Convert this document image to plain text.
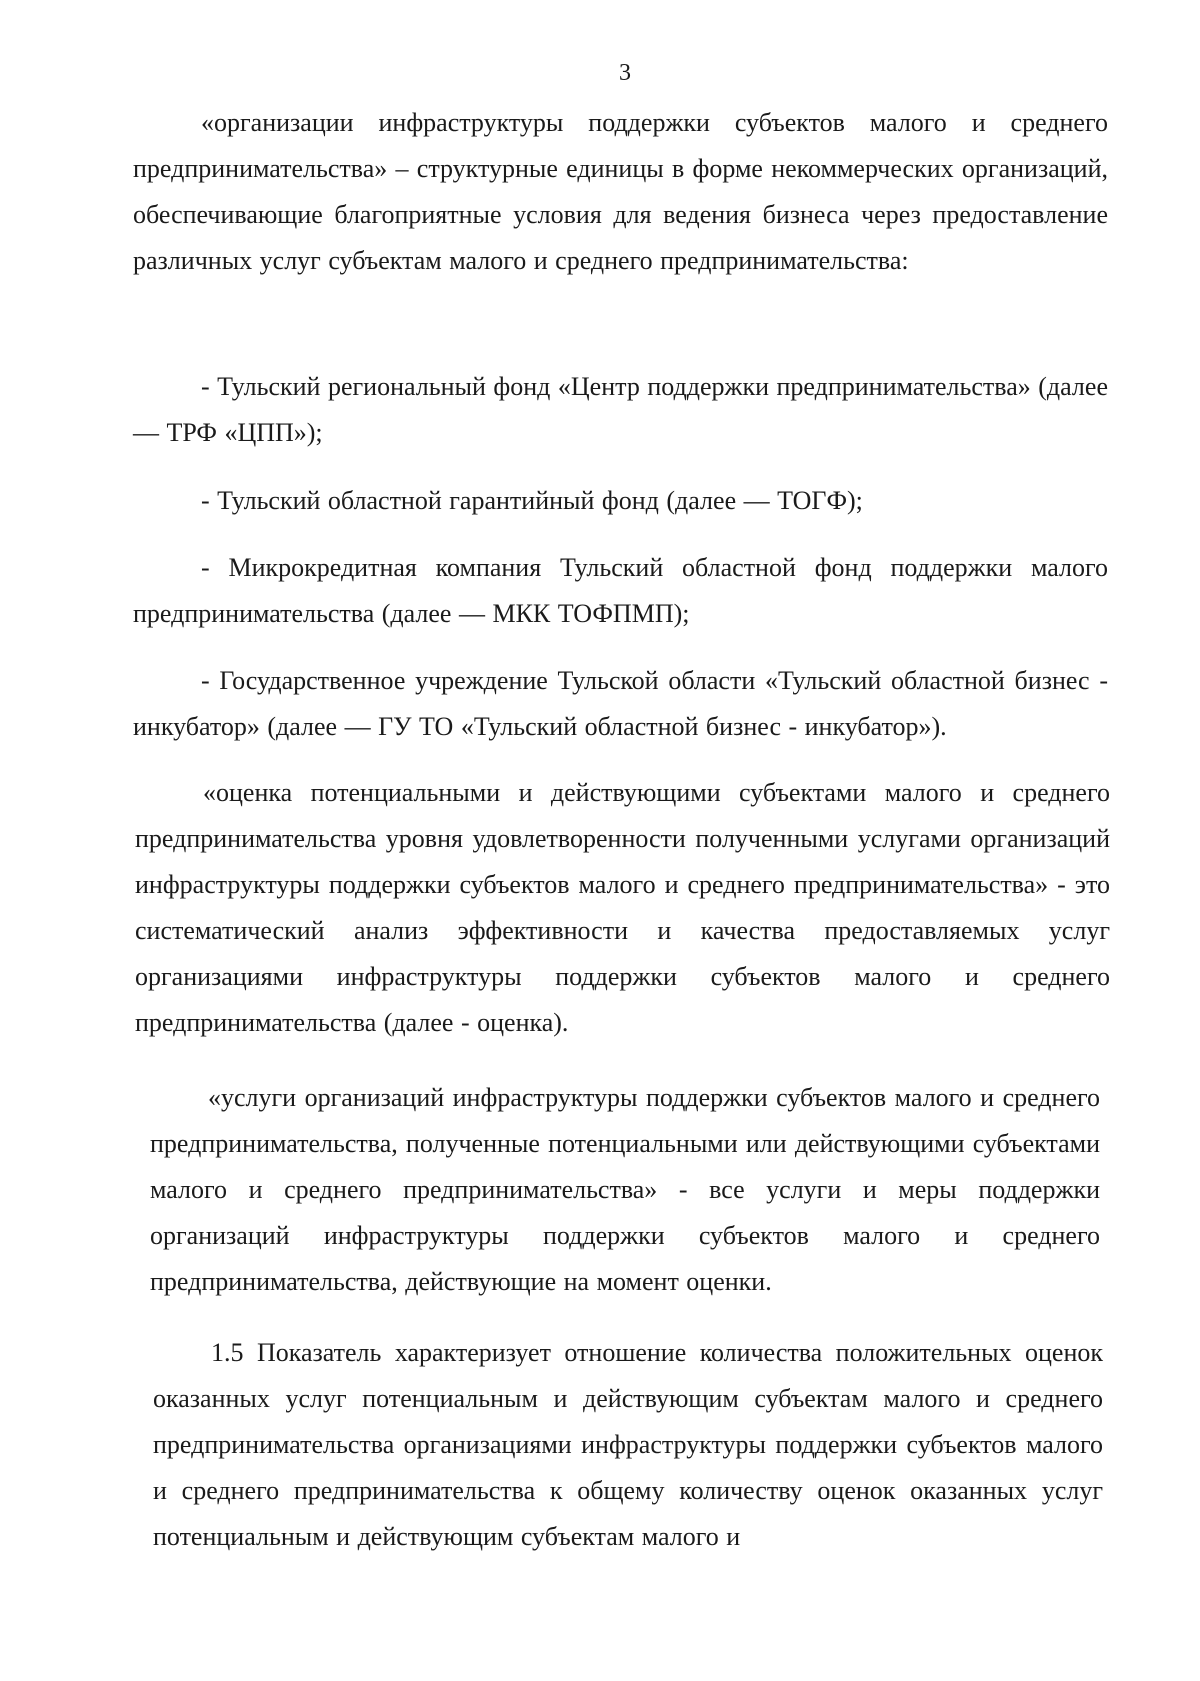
3

«организации инфраструктуры поддержки субъектов малого и среднего предпринимательства» – структурные единицы в форме некоммерческих организаций, обеспечивающие благоприятные условия для ведения бизнеса через предоставление различных услуг субъектам малого и среднего предпринимательства:

- Тульский региональный фонд «Центр поддержки предпринимательства» (далее — ТРФ «ЦПП»);

- Тульский областной гарантийный фонд (далее — ТОГФ);

- Микрокредитная компания Тульский областной фонд поддержки малого предпринимательства (далее — МКК ТОФПМП);

- Государственное учреждение Тульской области «Тульский областной бизнес - инкубатор» (далее — ГУ ТО «Тульский областной бизнес - инкубатор»).

«оценка потенциальными и действующими субъектами малого и среднего предпринимательства уровня удовлетворенности полученными услугами организаций инфраструктуры поддержки субъектов малого и среднего предпринимательства» - это систематический анализ эффективности и качества предоставляемых услуг организациями инфраструктуры поддержки субъектов малого и среднего предпринимательства (далее - оценка).

«услуги организаций инфраструктуры поддержки субъектов малого и среднего предпринимательства, полученные потенциальными или действующими субъектами малого и среднего предпринимательства» - все услуги и меры поддержки организаций инфраструктуры поддержки субъектов малого и среднего предпринимательства, действующие на момент оценки.

1.5 Показатель характеризует отношение количества положительных оценок оказанных услуг потенциальным и действующим субъектам малого и среднего предпринимательства организациями инфраструктуры поддержки субъектов малого и среднего предпринимательства к общему количеству оценок оказанных услуг потенциальным и действующим субъектам малого и
